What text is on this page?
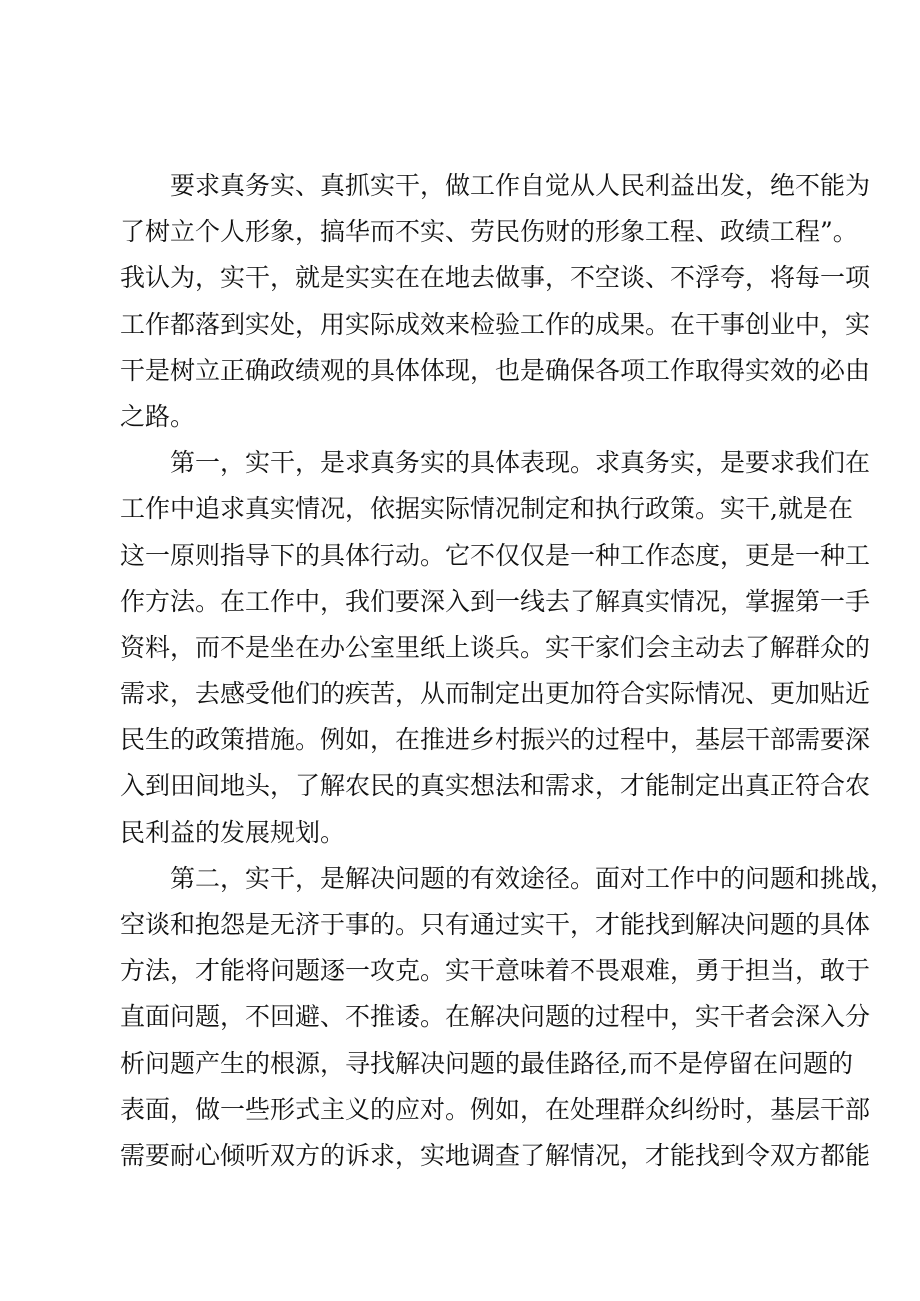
要求真务实、真抓实干，做工作自觉从人民利益出发，绝不能为
了树立个人形象，搞华而不实、劳民伤财的形象工程、政绩工程”。
我认为，实干，就是实实在在地去做事，不空谈、不浮夸，将每一项
工作都落到实处，用实际成效来检验工作的成果。在干事创业中，实
干是树立正确政绩观的具体体现，也是确保各项工作取得实效的必由
之路。
第一，实干，是求真务实的具体表现。求真务实，是要求我们在
工作中追求真实情况，依据实际情况制定和执行政策。实干,就是在
这一原则指导下的具体行动。它不仅仅是一种工作态度，更是一种工
作方法。在工作中，我们要深入到一线去了解真实情况，掌握第一手
资料，而不是坐在办公室里纸上谈兵。实干家们会主动去了解群众的
需求，去感受他们的疾苦，从而制定出更加符合实际情况、更加贴近
民生的政策措施。例如，在推进乡村振兴的过程中，基层干部需要深
入到田间地头，了解农民的真实想法和需求，才能制定出真正符合农
民利益的发展规划。
第二，实干，是解决问题的有效途径。面对工作中的问题和挑战，
空谈和抱怨是无济于事的。只有通过实干，才能找到解决问题的具体
方法，才能将问题逐一攻克。实干意味着不畏艰难，勇于担当，敢于
直面问题，不回避、不推诿。在解决问题的过程中，实干者会深入分
析问题产生的根源，寻找解决问题的最佳路径,而不是停留在问题的
表面，做一些形式主义的应对。例如，在处理群众纠纷时，基层干部
需要耐心倾听双方的诉求，实地调查了解情况，才能找到令双方都能
